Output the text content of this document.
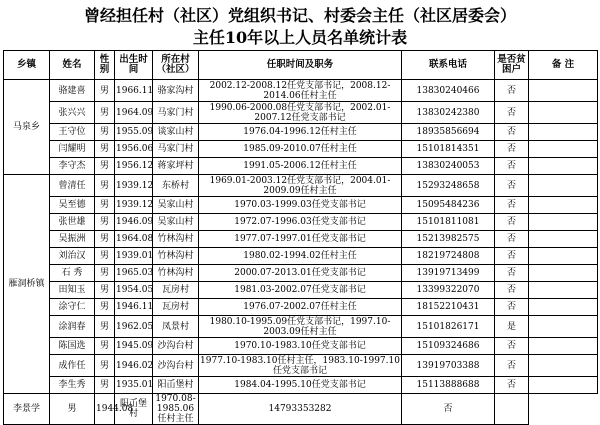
曾经担任村（社区）党组织书记、村委会主任（社区居委会）
主任10年以上人员名单统计表
乡镇	姓名	性别	出生时间	所在村（社区）	任职时间及职务	联系电话	是否贫困户	备 注
马泉乡	骆建喜	男	1966.11	骆家沟村	2002.12-2008.12任党支部书记，2008.12-2014.06任村主任	13830240466	否	
	张兴兴	男	1964.09	马家门村	1990.06-2000.08任党支部书记，2002.01-2007.12任党支部书记	13830242380	否	
	王守位	男	1955.09	谈家山村	1976.04-1996.12任村主任	18935856694	否	
	闫耀明	男	1956.06	马家门村	1985.09-2010.07任村主任	15101814351	否	
	李守杰	男	1956.12	蒋家坪村	1991.05-2006.12任村主任	13830240053	否	
雁洞桥镇	曾清任	男	1939.12	东桥村	1969.01-2003.12任党支部书记，2004.01-2009.09任村主任	15293248658	否	
	吴至德	男	1939.12	吴家山村	1970.03-1999.03任党支部书记	15095484236	否	
	张世雄	男	1946.09	吴家山村	1972.07-1996.03任党支部书记	15101811081	否	
	吴振洲	男	1964.08	竹林沟村	1977.07-1997.01任党支部书记	15213982575	否	
	刘治汉	男	1939.01	竹林沟村	1980.02-1994.02任村主任	18219724808	否	
	石 秀	男	1965.03	竹林沟村	2000.07-2013.01任党支部书记	13919713499	否	
	田知玉	男	1954.05	瓦房村	1981.03-2002.07任党支部书记	13399322070	否	
	涂守仁	男	1946.11	瓦房村	1976.07-2002.07任村主任	18152210431	否	
	涂润春	男	1962.05	凤景村	1980.10-1995.09任党支部书记，1997.10-2003.09任村主任	15101826171	是	
	陈国选	男	1945.09	沙沟台村	1970.10-1983.10任党支部书记	15109324686	否	
	成作任	男	1946.02	沙沟台村	1977.10-1983.10任村主任，1983.10-1997.10任党支部书记	13919703388	否	
	李生秀	男	1935.01	阳屲堡村	1984.04-1995.10任党支部书记	15113888688	否	
李景学	男	1944.08	阳屲堡村	1970.08-1985.06任村主任	14793353282	否		
